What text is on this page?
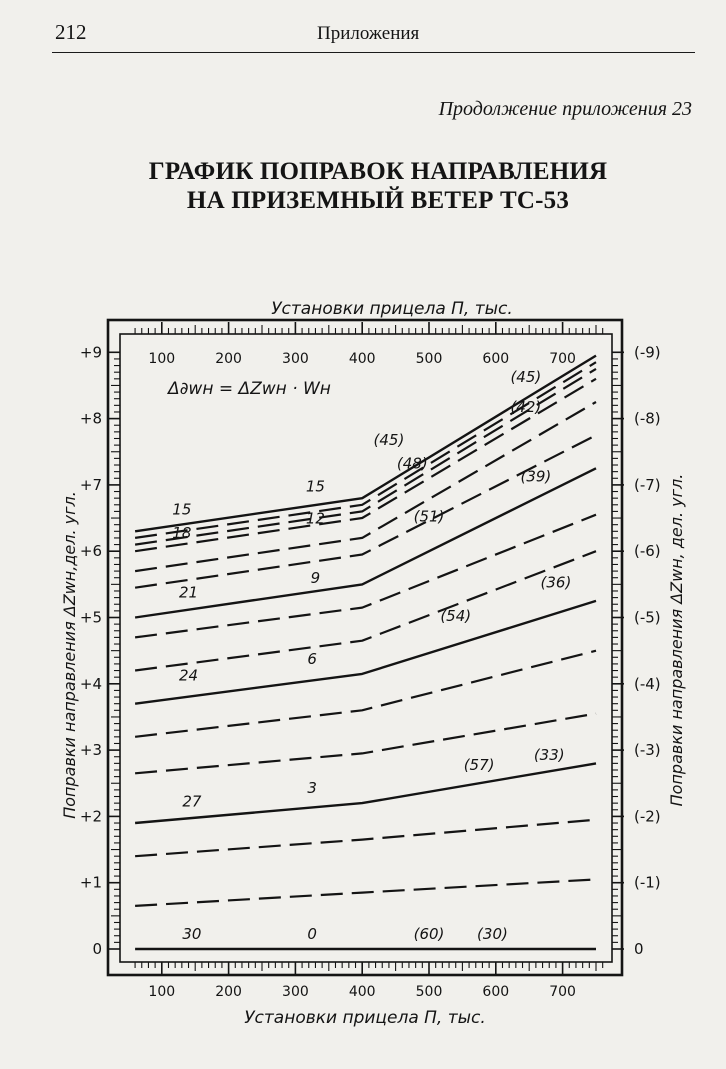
212	Приложения
Продолжение приложения 23
ГРАФИК ПОПРАВОК НАПРАВЛЕНИЯ
НА ПРИЗЕМНЫЙ ВЕТЕР ТС-53
100
100
200
200
300
300
400
400
500
500
600
600
700
700
0
+1
+2
+3
+4
+5
+6
+7
+8
+9
0
(-1)
(-2)
(-3)
(-4)
(-5)
(-6)
(-7)
(-8)
(-9)
15
18
15
12
(45)
(48)
(45)
(42)
(51)
(39)
9
21
(54)
(36)
6
24
(57)
(33)
3
27
30	0	(60) (30)
Установки прицела П, тыс.
Установки прицела П, тыс.
Δ∂wн = ΔZwн · Wн
Поправки направления ΔZwн,дел. угл.	Поправки направления ΔZwн, дел. угл.
